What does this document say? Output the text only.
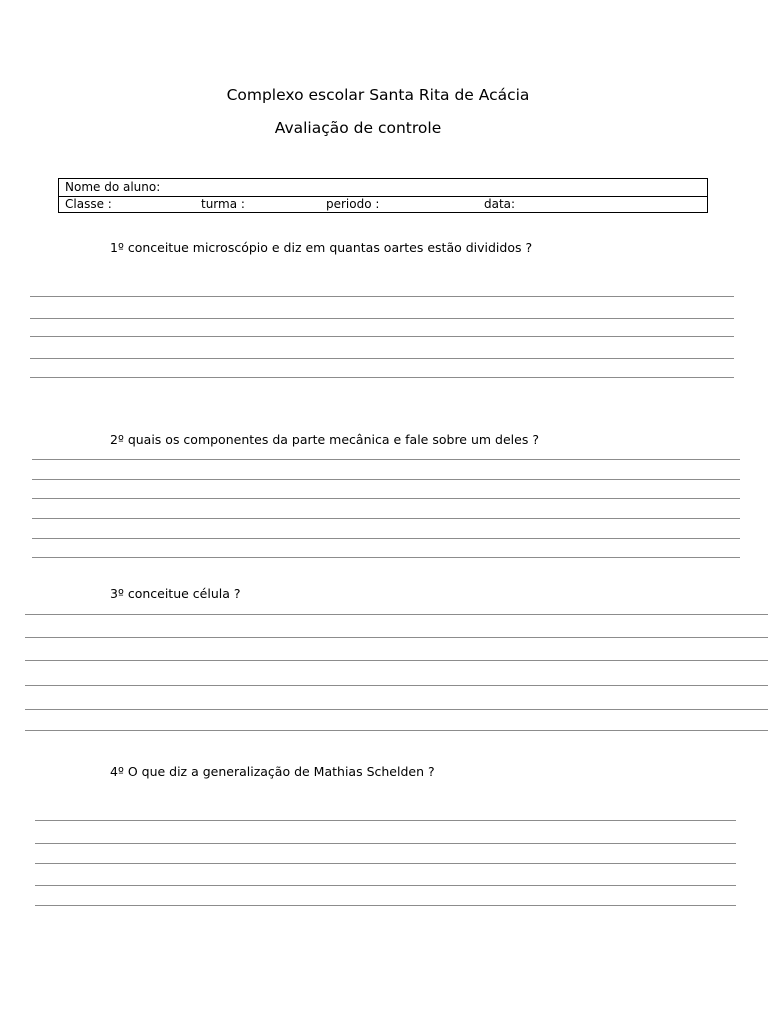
Complexo escolar Santa Rita de Acácia
Avaliação de controle
Nome do aluno:
Classe :	turma :	periodo :	data:
1º conceitue microscópio e diz em quantas oartes estão divididos ?
2º quais os componentes da parte mecânica e fale sobre um deles ?
3º conceitue célula ?
4º O que diz a generalização de Mathias Schelden ?
